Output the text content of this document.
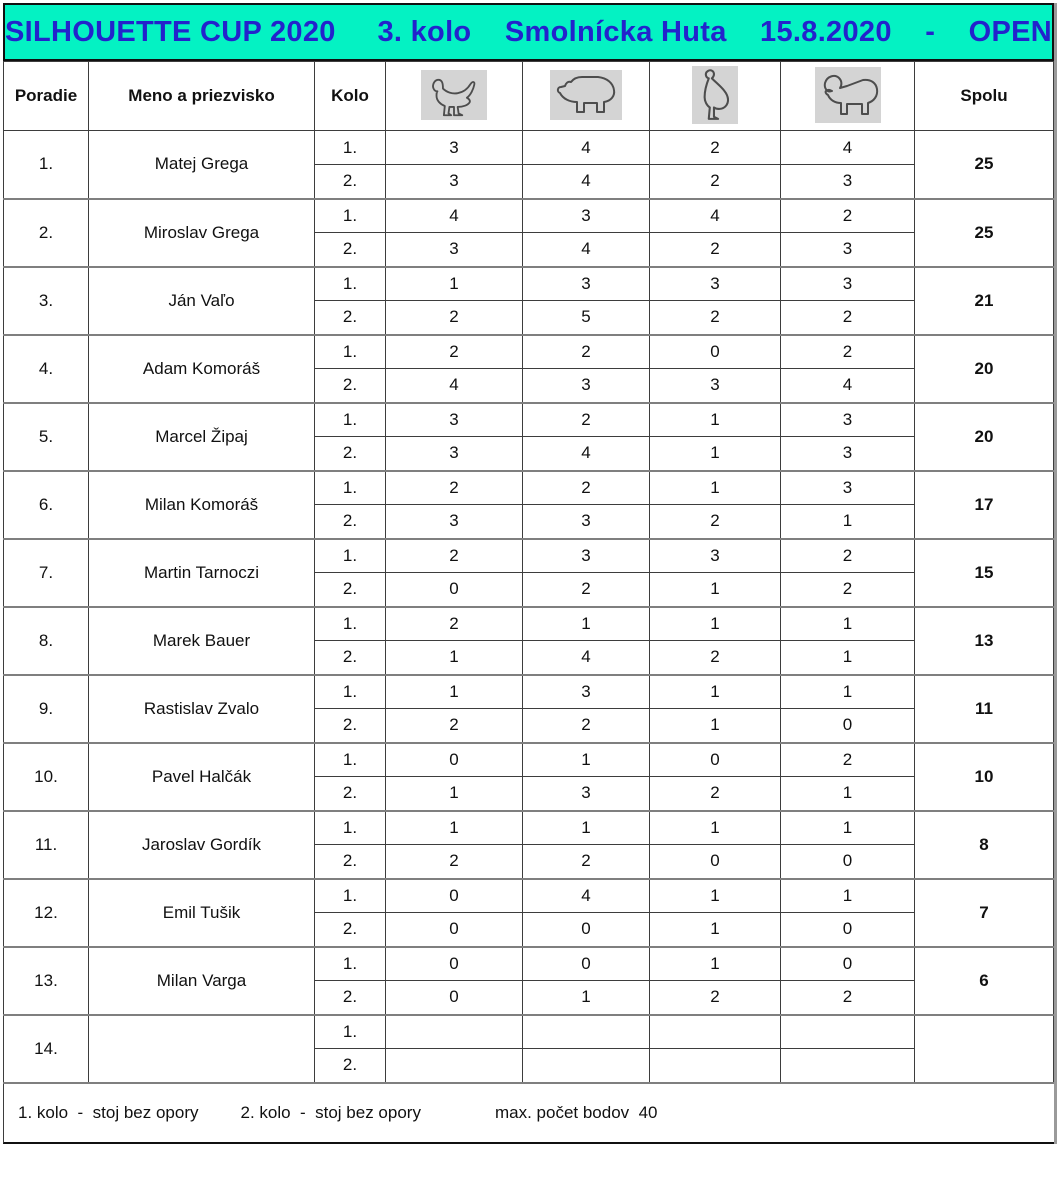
SILHOUETTE CUP 2020     3. kolo    Smolnícka Huta    15.8.2020    -    OPEN
Poradie	Meno a priezvisko	Kolo					Spolu
1.	Matej Grega	1.	3	4	2	4	25
		2.	3	4	2	3	
2.	Miroslav Grega	1.	4	3	4	2	25
		2.	3	4	2	3	
3.	Ján Vaľo	1.	1	3	3	3	21
		2.	2	5	2	2	
4.	Adam Komoráš	1.	2	2	0	2	20
		2.	4	3	3	4	
5.	Marcel Žipaj	1.	3	2	1	3	20
		2.	3	4	1	3	
6.	Milan Komoráš	1.	2	2	1	3	17
		2.	3	3	2	1	
7.	Martin Tarnoczi	1.	2	3	3	2	15
		2.	0	2	1	2	
8.	Marek Bauer	1.	2	1	1	1	13
		2.	1	4	2	1	
9.	Rastislav Zvalo	1.	1	3	1	1	11
		2.	2	2	1	0	
10.	Pavel Halčák	1.	0	1	0	2	10
		2.	1	3	2	1	
11.	Jaroslav Gordík	1.	1	1	1	1	8
		2.	2	2	0	0	
12.	Emil Tušik	1.	0	4	1	1	7
		2.	0	0	1	0	
13.	Milan Varga	1.	0	0	1	0	6
		2.	0	1	2	2	
14.		1.					
		2.					
1. kolo  -  stoj bez opory 2. kolo  -  stoj bez opory	max. počet bodov  40
